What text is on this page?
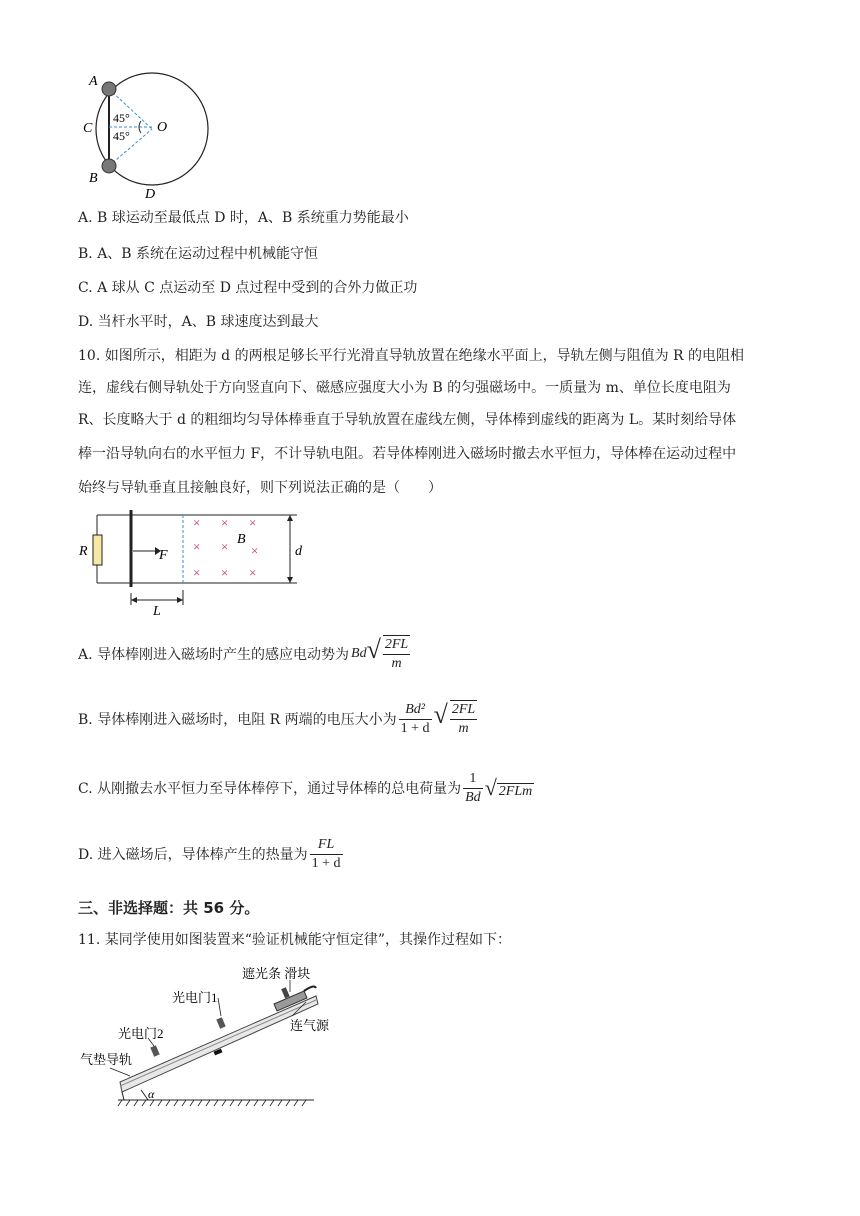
A
C	O
B
D
45°
45°
A. B 球运动至最低点 D 时，A、B 系统重力势能最小
B. A、B 系统在运动过程中机械能守恒
C. A 球从 C 点运动至 D 点过程中受到的合外力做正功
D. 当杆水平时，A、B 球速度达到最大
10. 如图所示，相距为 d 的两根足够长平行光滑直导轨放置在绝缘水平面上，导轨左侧与阻值为 R 的电阻相
连，虚线右侧导轨处于方向竖直向下、磁感应强度大小为 B 的匀强磁场中。一质量为 m、单位长度电阻为
R、长度略大于 d 的粗细均匀导体棒垂直于导轨放置在虚线左侧，导体棒到虚线的距离为 L。某时刻给导体
棒一沿导轨向右的水平恒力 F，不计导轨电阻。若导体棒刚进入磁场时撤去水平恒力，导体棒在运动过程中
始终与导轨垂直且接触良好，则下列说法正确的是（　　）
× × ×
× × ×
× × ×
R	F
B
d
L
A. 导体棒刚进入磁场时产生的感应电动势为 Bd √ $\frac{2FL}{m}$
B. 导体棒刚进入磁场时，电阻 R 两端的电压大小为 $\frac{\text{Bd²}}{1 + d}$ √ $\frac{2FL}{m}$
C. 从刚撤去水平恒力至导体棒停下，通过导体棒的总电荷量为 $\frac{1}{Bd}$ √ 2FLm
D. 进入磁场后，导体棒产生的热量为 $\frac{FL}{1 + d}$
三、非选择题：共 56 分。
11. 某同学使用如图装置来“验证机械能守恒定律”，其操作过程如下：
遮光条 滑块
光电门1
光电门2
连气源
气垫导轨
α
